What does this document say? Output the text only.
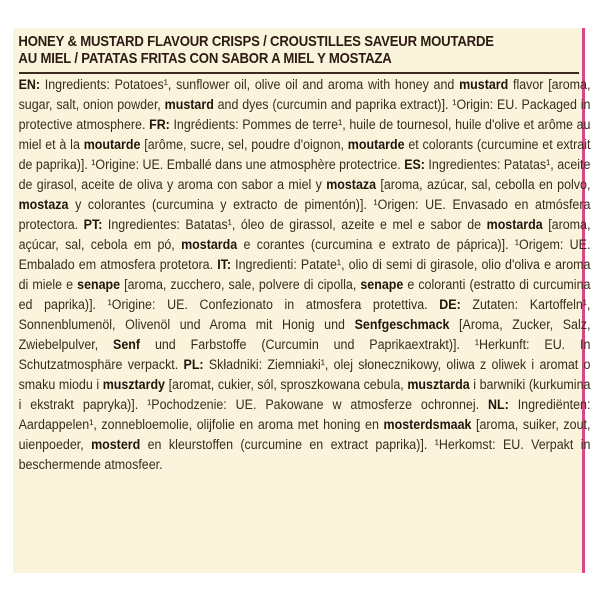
HONEY & MUSTARD FLAVOUR CRISPS / CROUSTILLES SAVEUR MOUTARDE
AU MIEL / PATATAS FRITAS CON SABOR A MIEL Y MOSTAZA

EN: Ingredients: Potatoes¹, sunflower oil, olive oil and aroma with honey and mustard flavor [aroma, sugar, salt, onion powder, mustard and dyes (curcumin and paprika extract)]. ¹Origin: EU. Packaged in protective atmosphere. FR: Ingrédients: Pommes de terre¹, huile de tournesol, huile d'olive et arôme au miel et à la moutarde [arôme, sucre, sel, poudre d'oignon, moutarde et colorants (curcumine et extrait de paprika)]. ¹Origine: UE. Emballé dans une atmosphère protectrice. ES: Ingredientes: Patatas¹, aceite de girasol, aceite de oliva y aroma con sabor a miel y mostaza [aroma, azúcar, sal, cebolla en polvo, mostaza y colorantes (curcumina y extracto de pimentón)]. ¹Origen: UE. Envasado en atmósfera protectora. PT: Ingredientes: Batatas¹, óleo de girassol, azeite e mel e sabor de mostarda [aroma, açúcar, sal, cebola em pó, mostarda e corantes (curcumina e extrato de páprica)]. ¹Origem: UE. Embalado em atmosfera protetora. IT: Ingredienti: Patate¹, olio di semi di girasole, olio d'oliva e aroma di miele e senape [aroma, zucchero, sale, polvere di cipolla, senape e coloranti (estratto di curcumina ed paprika)]. ¹Origine: UE. Confezionato in atmosfera protettiva. DE: Zutaten: Kartoffeln¹, Sonnenblumenöl, Olivenöl und Aroma mit Honig und Senfgeschmack [Aroma, Zucker, Salz, Zwiebelpulver, Senf und Farbstoffe (Curcumin und Paprikaextrakt)]. ¹Herkunft: EU. In Schutzatmosphäre verpackt. PL: Składniki: Ziemniaki¹, olej słonecznikowy, oliwa z oliwek i aromat o smaku miodu i musztardy [aromat, cukier, sól, sproszkowana cebula, musztarda i barwniki (kurkumina i ekstrakt papryka)]. ¹Pochodzenie: UE. Pakowane w atmosferze ochronnej. NL: Ingrediënten: Aardappelen¹, zonnebloemolie, olijfolie en aroma met honing en mosterdsmaak [aroma, suiker, zout, uienpoeder, mosterd en kleurstoffen (curcumine en extract paprika)]. ¹Herkomst: EU. Verpakt in beschermende atmosfeer.
